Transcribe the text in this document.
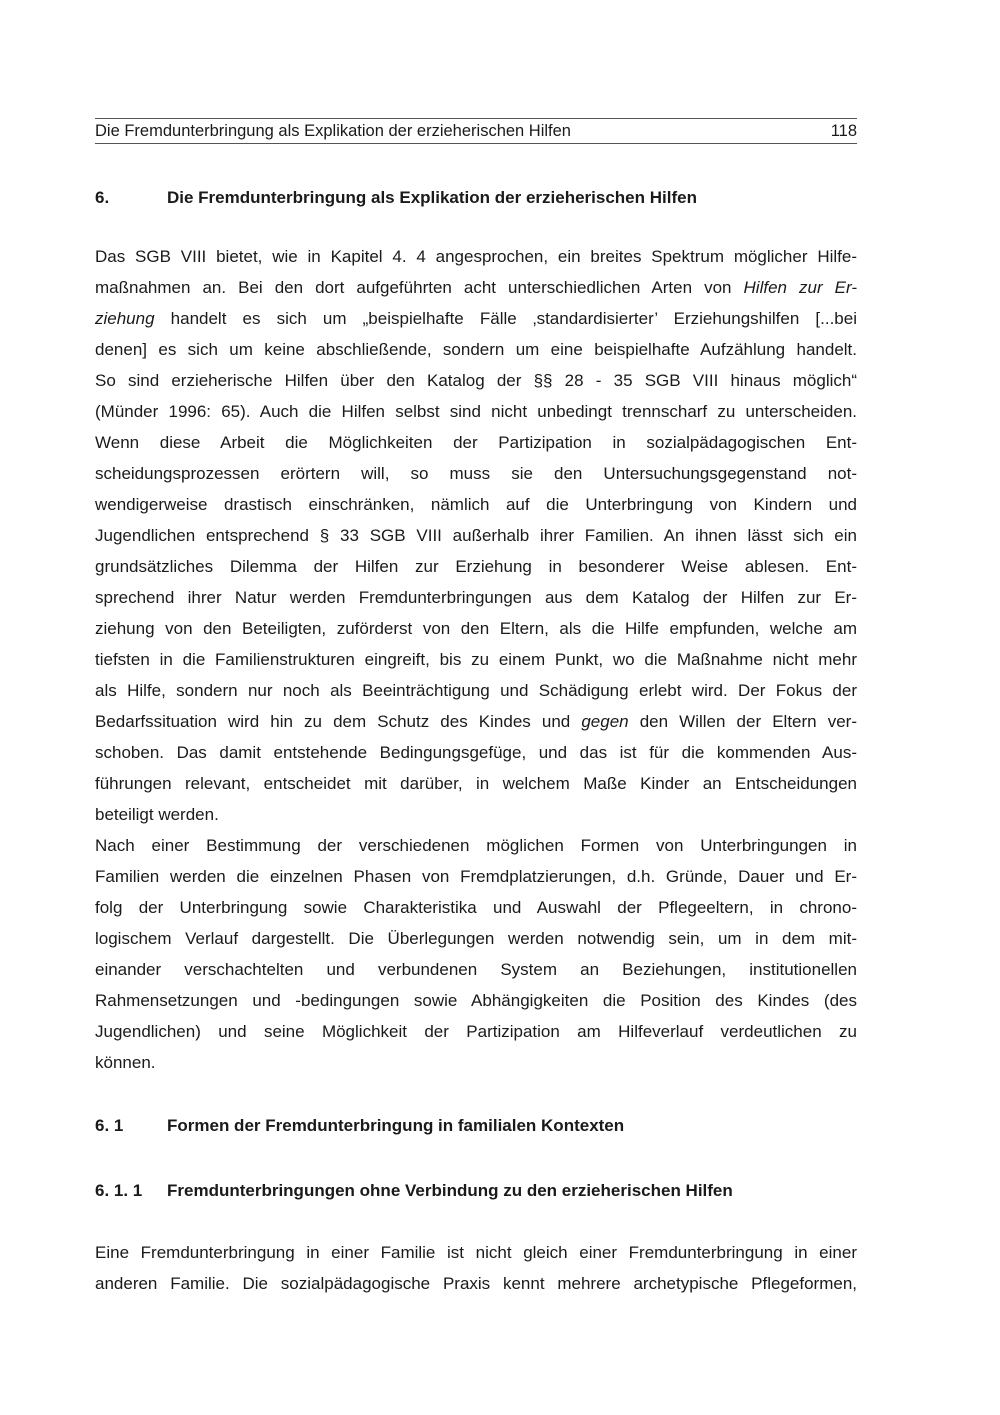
Die Fremdunterbringung als Explikation der erzieherischen Hilfen	118
6.	Die Fremdunterbringung als Explikation der erzieherischen Hilfen
Das SGB VIII bietet, wie in Kapitel 4. 4 angesprochen, ein breites Spektrum möglicher Hilfe-
maßnahmen an. Bei den dort aufgeführten acht unterschiedlichen Arten von Hilfen zur Er-
ziehung handelt es sich um „beispielhafte Fälle ‚standardisierter’ Erziehungshilfen [...bei
denen] es sich um keine abschließende, sondern um eine beispielhafte Aufzählung handelt.
So sind erzieherische Hilfen über den Katalog der §§ 28 - 35 SGB VIII hinaus möglich“
(Münder 1996: 65). Auch die Hilfen selbst sind nicht unbedingt trennscharf zu unterscheiden.
Wenn diese Arbeit die Möglichkeiten der Partizipation in sozialpädagogischen Ent-
scheidungsprozessen erörtern will, so muss sie den Untersuchungsgegenstand not-
wendigerweise drastisch einschränken, nämlich auf die Unterbringung von Kindern und
Jugendlichen entsprechend § 33 SGB VIII außerhalb ihrer Familien. An ihnen lässt sich ein
grundsätzliches Dilemma der Hilfen zur Erziehung in besonderer Weise ablesen. Ent-
sprechend ihrer Natur werden Fremdunterbringungen aus dem Katalog der Hilfen zur Er-
ziehung von den Beteiligten, zuförderst von den Eltern, als die Hilfe empfunden, welche am
tiefsten in die Familienstrukturen eingreift, bis zu einem Punkt, wo die Maßnahme nicht mehr
als Hilfe, sondern nur noch als Beeinträchtigung und Schädigung erlebt wird. Der Fokus der
Bedarfssituation wird hin zu dem Schutz des Kindes und gegen den Willen der Eltern ver-
schoben. Das damit entstehende Bedingungsgefüge, und das ist für die kommenden Aus-
führungen relevant, entscheidet mit darüber, in welchem Maße Kinder an Entscheidungen
beteiligt werden.
Nach einer Bestimmung der verschiedenen möglichen Formen von Unterbringungen in
Familien werden die einzelnen Phasen von Fremdplatzierungen, d.h. Gründe, Dauer und Er-
folg der Unterbringung sowie Charakteristika und Auswahl der Pflegeeltern, in chrono-
logischem Verlauf dargestellt. Die Überlegungen werden notwendig sein, um in dem mit-
einander verschachtelten und verbundenen System an Beziehungen, institutionellen
Rahmensetzungen und -bedingungen sowie Abhängigkeiten die Position des Kindes (des
Jugendlichen) und seine Möglichkeit der Partizipation am Hilfeverlauf verdeutlichen zu
können.
6. 1	Formen der Fremdunterbringung in familialen Kontexten
6. 1. 1	Fremdunterbringungen ohne Verbindung zu den erzieherischen Hilfen
Eine Fremdunterbringung in einer Familie ist nicht gleich einer Fremdunterbringung in einer
anderen Familie. Die sozialpädagogische Praxis kennt mehrere archetypische Pflegeformen,
